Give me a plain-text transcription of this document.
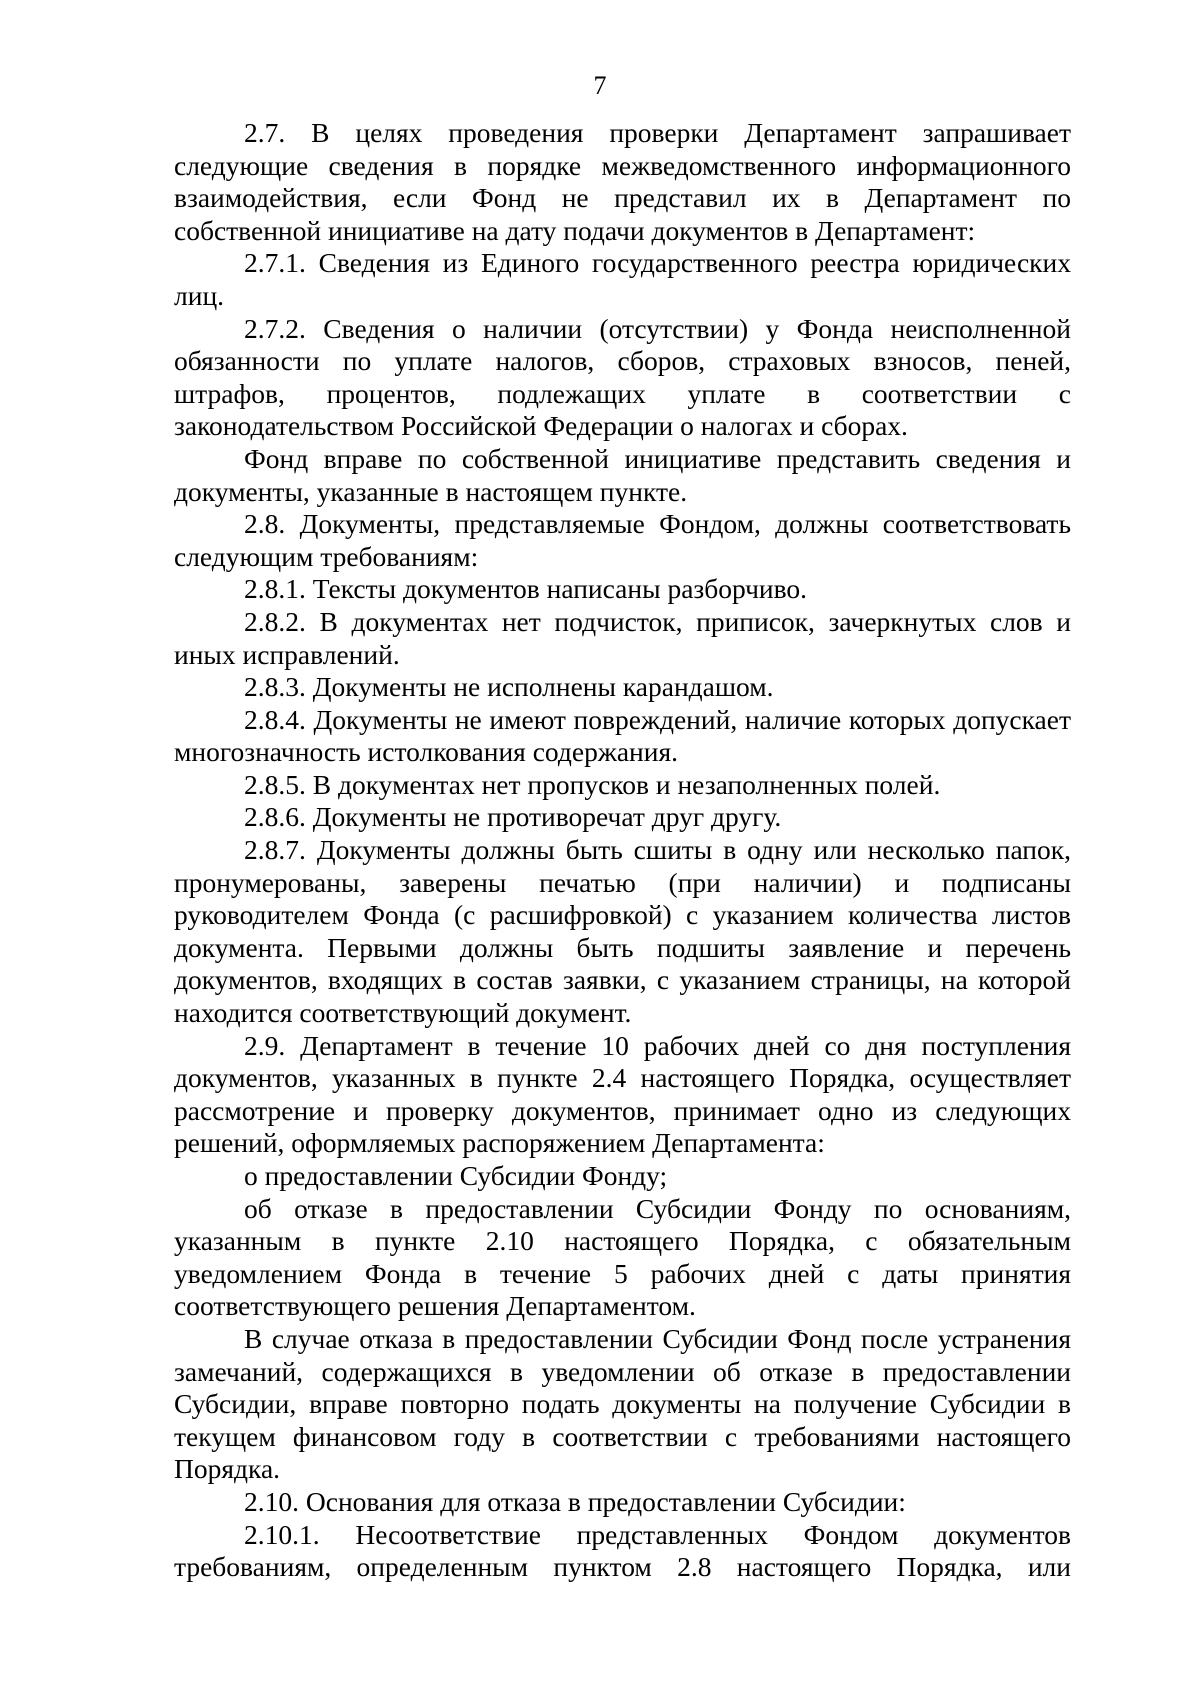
7

2.7. В целях проведения проверки Департамент запрашивает следующие сведения в порядке межведомственного информационного взаимодействия, если Фонд не представил их в Департамент по собственной инициативе на дату подачи документов в Департамент:

2.7.1. Сведения из Единого государственного реестра юридических лиц.

2.7.2. Сведения о наличии (отсутствии) у Фонда неисполненной обязанности по уплате налогов, сборов, страховых взносов, пеней, штрафов, процентов, подлежащих уплате в соответствии с законодательством Российской Федерации о налогах и сборах.

Фонд вправе по собственной инициативе представить сведения и документы, указанные в настоящем пункте.

2.8. Документы, представляемые Фондом, должны соответствовать следующим требованиям:

2.8.1. Тексты документов написаны разборчиво.

2.8.2. В документах нет подчисток, приписок, зачеркнутых слов и иных исправлений.

2.8.3. Документы не исполнены карандашом.

2.8.4. Документы не имеют повреждений, наличие которых допускает многозначность истолкования содержания.

2.8.5. В документах нет пропусков и незаполненных полей.

2.8.6. Документы не противоречат друг другу.

2.8.7. Документы должны быть сшиты в одну или несколько папок, пронумерованы, заверены печатью (при наличии) и подписаны руководителем Фонда (с расшифровкой) с указанием количества листов документа. Первыми должны быть подшиты заявление и перечень документов, входящих в состав заявки, с указанием страницы, на которой находится соответствующий документ.

2.9. Департамент в течение 10 рабочих дней со дня поступления документов, указанных в пункте 2.4 настоящего Порядка, осуществляет рассмотрение и проверку документов, принимает одно из следующих решений, оформляемых распоряжением Департамента:

о предоставлении Субсидии Фонду;

об отказе в предоставлении Субсидии Фонду по основаниям, указанным в пункте 2.10 настоящего Порядка, с обязательным уведомлением Фонда в течение 5 рабочих дней с даты принятия соответствующего решения Департаментом.

В случае отказа в предоставлении Субсидии Фонд после устранения замечаний, содержащихся в уведомлении об отказе в предоставлении Субсидии, вправе повторно подать документы на получение Субсидии в текущем финансовом году в соответствии с требованиями настоящего Порядка.

2.10. Основания для отказа в предоставлении Субсидии:

2.10.1. Несоответствие представленных Фондом документов требованиям, определенным пунктом 2.8 настоящего Порядка, или
